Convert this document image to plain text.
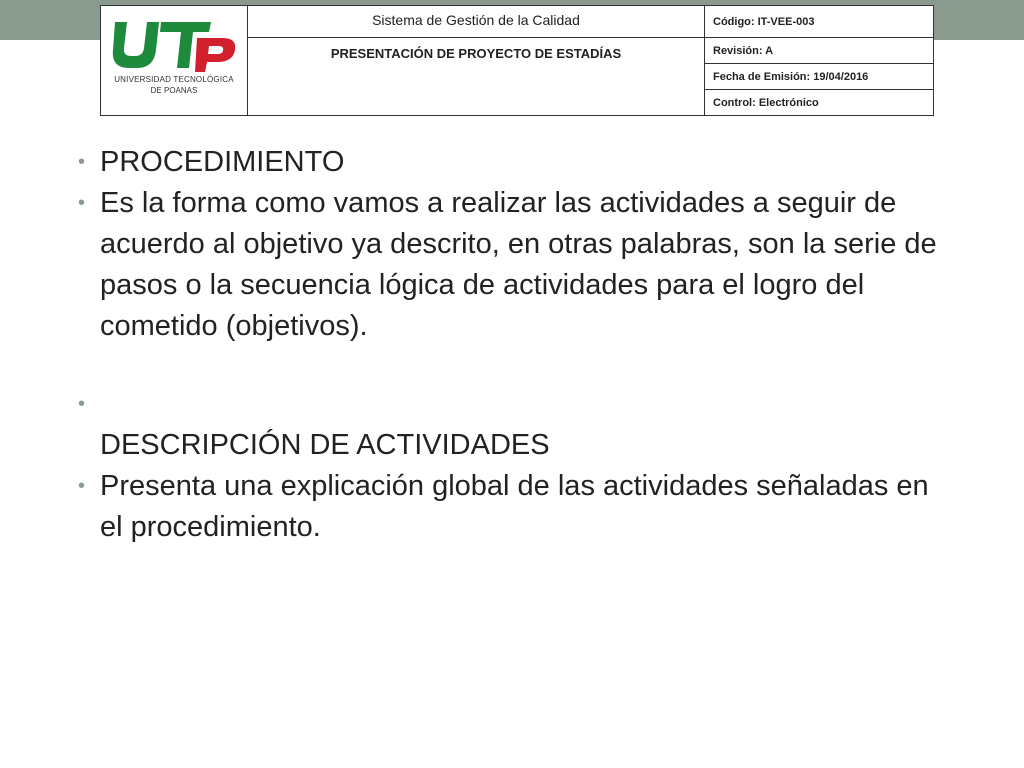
UNIVERSIDAD TECNOLÓGICA
DE POANAS	Sistema de Gestión de la Calidad	Código: IT-VEE-003
	PRESENTACIÓN DE PROYECTO DE ESTADÍAS	Revisión: A
		Fecha de Emisión: 19/04/2016
		Control: Electrónico
• PROCEDIMIENTO
• Es la forma como vamos a realizar las actividades a seguir de acuerdo al objetivo ya descrito, en otras palabras, son la serie de pasos o la secuencia lógica de actividades para el logro del cometido (objetivos).
•

DESCRIPCIÓN DE ACTIVIDADES
• Presenta una explicación global de las actividades señaladas en el procedimiento.
